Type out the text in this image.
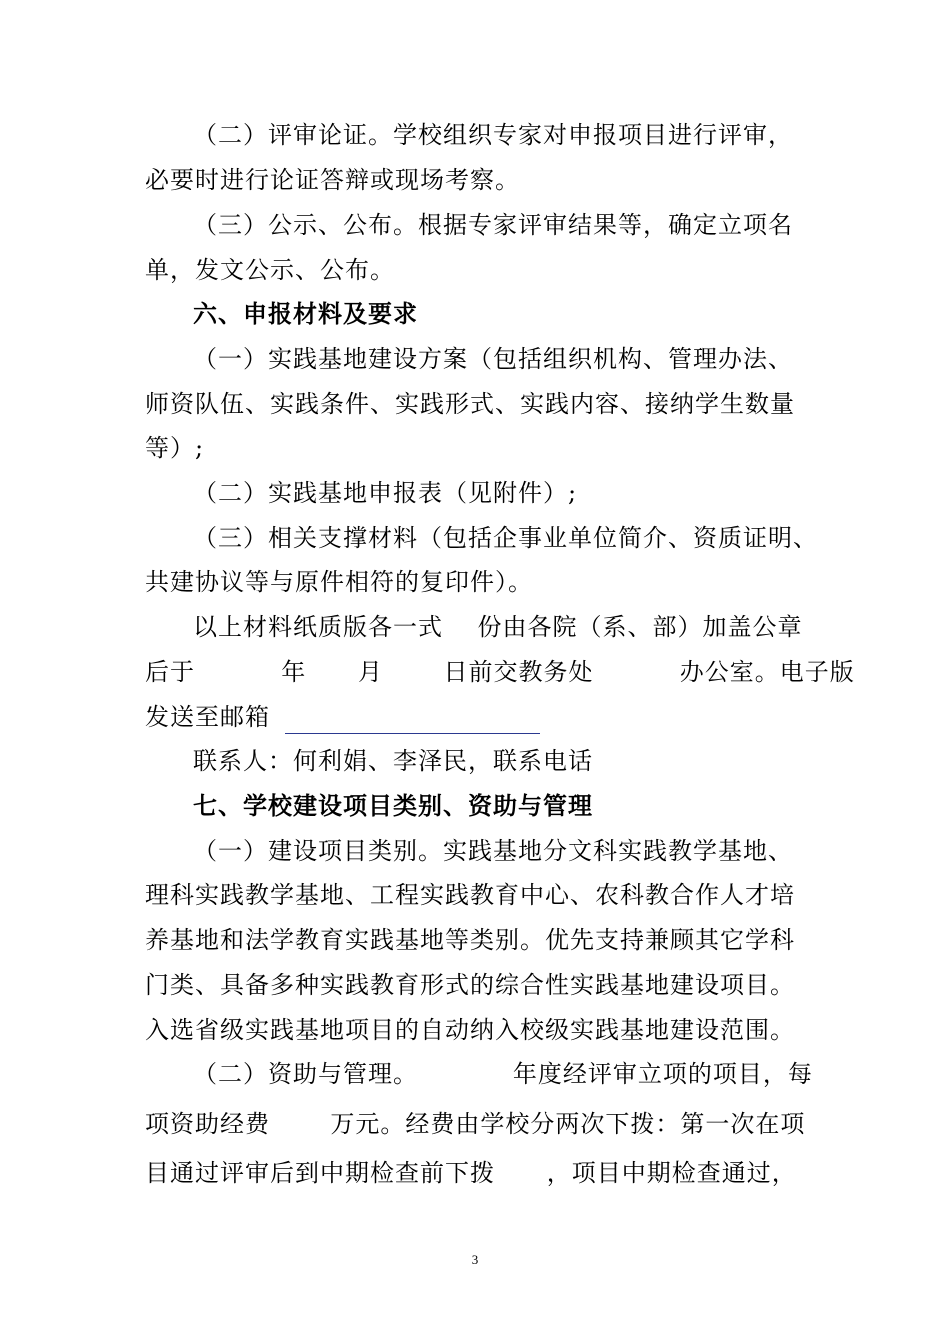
（二）评审论证。学校组织专家对申报项目进行评审，
必要时进行论证答辩或现场考察。
（三）公示、公布。根据专家评审结果等，确定立项名
单，发文公示、公布。
六、申报材料及要求
（一）实践基地建设方案（包括组织机构、管理办法、
师资队伍、实践条件、实践形式、实践内容、接纳学生数量
等）;
（二）实践基地申报表（见附件）;
（三）相关支撑材料（包括企事业单位简介、资质证明、
共建协议等与原件相符的复印件）。
以上材料纸质版各一式    份由各院（系、部）加盖公章
后于          年      月       日前交教务处          办公室。电子版
发送至邮箱
联系人：何利娟、李泽民，联系电话
七、学校建设项目类别、资助与管理
（一）建设项目类别。实践基地分文科实践教学基地、
理科实践教学基地、工程实践教育中心、农科教合作人才培
养基地和法学教育实践基地等类别。优先支持兼顾其它学科
门类、具备多种实践教育形式的综合性实践基地建设项目。
入选省级实践基地项目的自动纳入校级实践基地建设范围。
（二）资助与管理。           年度经评审立项的项目，每
项资助经费       万元。经费由学校分两次下拨：第一次在项
目通过评审后到中期检查前下拨      ，项目中期检查通过，
3
